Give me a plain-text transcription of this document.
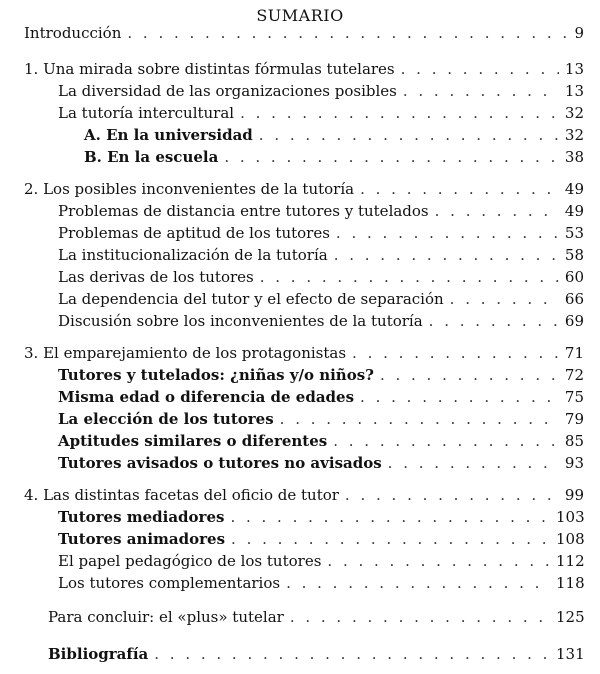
SUMARIO
Introducción . . .	9
1. Una mirada sobre distintas fórmulas tutelares . . .	13
La diversidad de las organizaciones posibles . . .	13
La tutoría intercultural . . .	32
A. En la universidad . . .	32
B. En la escuela . . .	38
2. Los posibles inconvenientes de la tutoría . . .	49
Problemas de distancia entre tutores y tutelados . . .	49
Problemas de aptitud de los tutores . . .	53
La institucionalización de la tutoría . . .	58
Las derivas de los tutores . . .	60
La dependencia del tutor y el efecto de separación . . .	66
Discusión sobre los inconvenientes de la tutoría . . .	69
3. El emparejamiento de los protagonistas . . .	71
Tutores y tutelados: ¿niñas y/o niños? . . .	72
Misma edad o diferencia de edades . . .	75
La elección de los tutores . . .	79
Aptitudes similares o diferentes . . .	85
Tutores avisados o tutores no avisados . . .	93
4. Las distintas facetas del oficio de tutor . . .	99
Tutores mediadores . . .	103
Tutores animadores . . .	108
El papel pedagógico de los tutores . . .	112
Los tutores complementarios . . .	118
Para concluir: el «plus» tutelar . . .	125
Bibliografía . . .	131
